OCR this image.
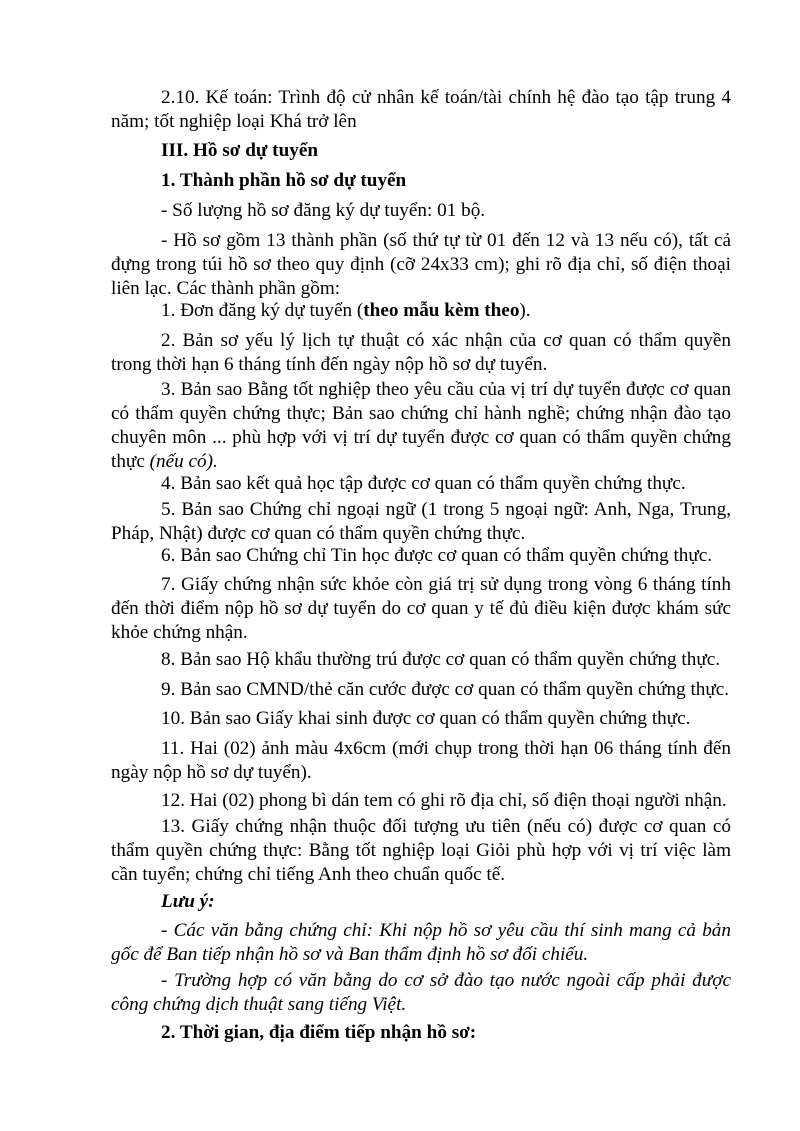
2.10. Kế toán: Trình độ cử nhân kế toán/tài chính hệ đào tạo tập trung 4 năm; tốt nghiệp loại Khá trở lên

III. Hồ sơ dự tuyển

1. Thành phần hồ sơ dự tuyển

- Số lượng hồ sơ đăng ký dự tuyển: 01 bộ.

- Hồ sơ gồm 13 thành phần (số thứ tự từ 01 đến 12 và 13 nếu có), tất cả đựng trong túi hồ sơ theo quy định (cỡ 24x33 cm); ghi rõ địa chỉ, số điện thoại liên lạc. Các thành phần gồm:

1. Đơn đăng ký dự tuyển (theo mẫu kèm theo).

2. Bản sơ yếu lý lịch tự thuật có xác nhận của cơ quan có thẩm quyền trong thời hạn 6 tháng tính đến ngày nộp hồ sơ dự tuyển.

3. Bản sao Bằng tốt nghiệp theo yêu cầu của vị trí dự tuyển được cơ quan có thẩm quyền chứng thực; Bản sao chứng chỉ hành nghề; chứng nhận đào tạo chuyên môn ... phù hợp với vị trí dự tuyển được cơ quan có thẩm quyền chứng thực (nếu có).

4. Bản sao kết quả học tập được cơ quan có thẩm quyền chứng thực.

5. Bản sao Chứng chỉ ngoại ngữ (1 trong 5 ngoại ngữ: Anh, Nga, Trung, Pháp, Nhật) được cơ quan có thẩm quyền chứng thực.

6. Bản sao Chứng chỉ Tin học được cơ quan có thẩm quyền chứng thực.

7. Giấy chứng nhận sức khỏe còn giá trị sử dụng trong vòng 6 tháng tính đến thời điểm nộp hồ sơ dự tuyển do cơ quan y tế đủ điều kiện được khám sức khỏe chứng nhận.

8. Bản sao Hộ khẩu thường trú được cơ quan có thẩm quyền chứng thực.

9. Bản sao CMND/thẻ căn cước được cơ quan có thẩm quyền chứng thực.

10. Bản sao Giấy khai sinh được cơ quan có thẩm quyền chứng thực.

11. Hai (02) ảnh màu 4x6cm (mới chụp trong thời hạn 06 tháng tính đến ngày nộp hồ sơ dự tuyển).

12. Hai (02) phong bì dán tem có ghi rõ địa chỉ, số điện thoại người nhận.

13. Giấy chứng nhận thuộc đối tượng ưu tiên (nếu có) được cơ quan có thẩm quyền chứng thực: Bằng tốt nghiệp loại Giỏi phù hợp với vị trí việc làm cần tuyển; chứng chỉ tiếng Anh theo chuẩn quốc tế.

Lưu ý:

- Các văn bằng chứng chỉ: Khi nộp hồ sơ yêu cầu thí sinh mang cả bản gốc để Ban tiếp nhận hồ sơ và Ban thẩm định hồ sơ đối chiếu.

- Trường hợp có văn bằng do cơ sở đào tạo nước ngoài cấp phải được công chứng dịch thuật sang tiếng Việt.

2. Thời gian, địa điểm tiếp nhận hồ sơ:
